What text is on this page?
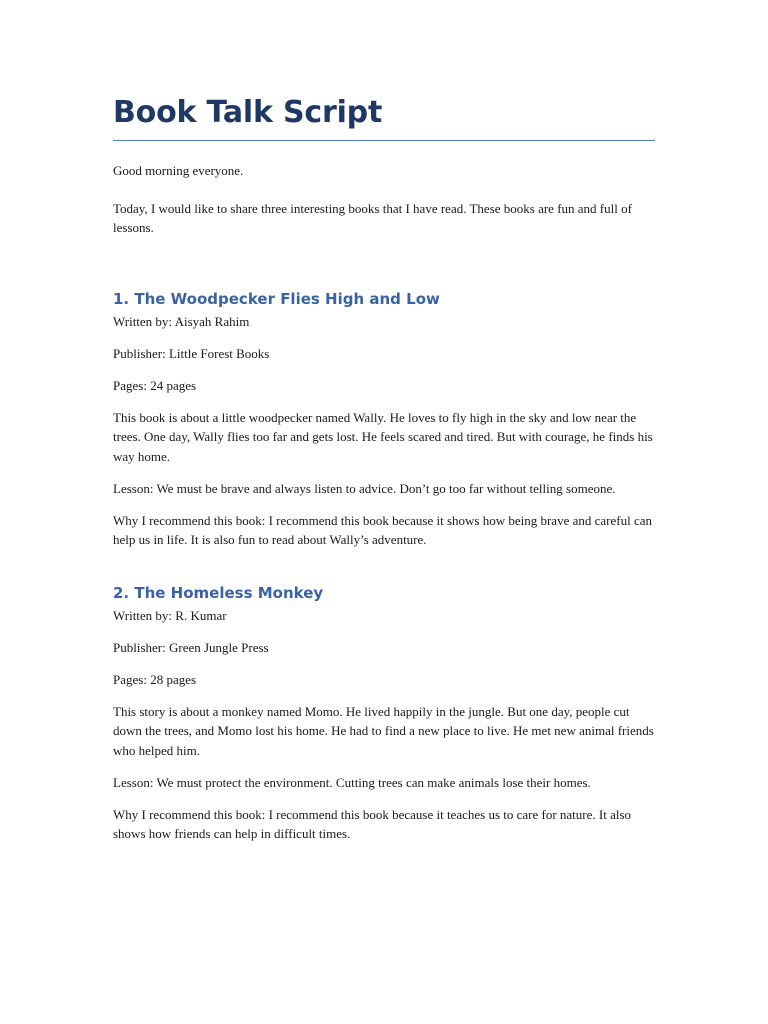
Book Talk Script

Good morning everyone.

Today, I would like to share three interesting books that I have read. These books are fun and full of lessons.

1. The Woodpecker Flies High and Low

Written by: Aisyah Rahim

Publisher: Little Forest Books

Pages: 24 pages

This book is about a little woodpecker named Wally. He loves to fly high in the sky and low near the trees. One day, Wally flies too far and gets lost. He feels scared and tired. But with courage, he finds his way home.

Lesson: We must be brave and always listen to advice. Don’t go too far without telling someone.

Why I recommend this book: I recommend this book because it shows how being brave and careful can help us in life. It is also fun to read about Wally’s adventure.

2. The Homeless Monkey

Written by: R. Kumar

Publisher: Green Jungle Press

Pages: 28 pages

This story is about a monkey named Momo. He lived happily in the jungle. But one day, people cut down the trees, and Momo lost his home. He had to find a new place to live. He met new animal friends who helped him.

Lesson: We must protect the environment. Cutting trees can make animals lose their homes.

Why I recommend this book: I recommend this book because it teaches us to care for nature. It also shows how friends can help in difficult times.
